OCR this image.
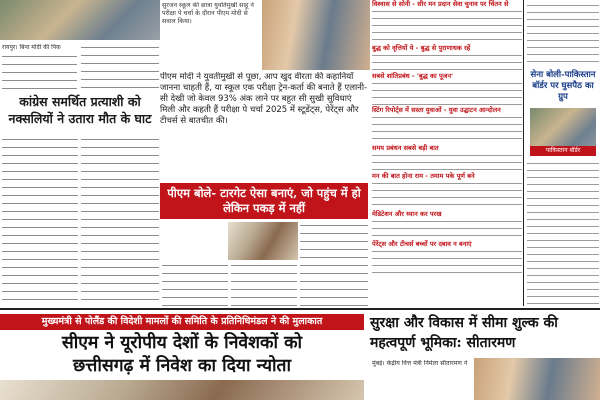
सुरजन स्कूल की छात्रा युवतिमुखी साहू ने परीक्षा पे चर्चा के दौरान पीएम मोदी से सवाल किया।
रायपुर। बिना मोदी की पिक
पीएम मोदी ने युवतीमुखी से पूछा, आप खुद वीरता की कहानियाँ जानना चाहती हैं, या स्कूल एक परीक्षा ट्रेन-कर्ता की बनाते हैं एलानी-सी देखी जो केवल 93% अंक लाने पर बहुत सी सुखी सुविधाएं मिली और कहती हैं परीक्षा पे चर्चा 2025 में स्टूडेंट्स, पेरेंट्स और टीचर्स से बातचीत की।
कांग्रेस समर्थित प्रत्याशी को नक्सलियों ने उतारा मौत के घाट
पीएम बोले- टारगेट ऐसा बनाएं, जो पहुंच में हो लेकिन पकड़ में नहीं
विश्वास से सोनी - सीर मन प्रदान सेवा चुनाव पर चिंतन से
बुद्ध को वृत्तियों ये - बुद्ध से पुराणाधक रहें
सबसे शांतिप्रबंध - 'बुद्ध का पूजन'
स्टिंग रिपोर्ट्स में सस्ता युवाओं - युवा उद्घाटन आन्दोलन
समय प्रबंधन सबसे बड़ी बात
मन की बात होना राम - तमाम पके पूर्ण बने
मेडिटेशन और ध्यान कर परख
पेरेंट्स और टीचर्स बच्चों पर दबाव न बनाएं
सेना बोली-पाकिस्तान बॉर्डर पर घुसपैठ का ग्रुप
पाकिस्तान बॉर्डर
मुख्यमंत्री से पोलैंड की विदेशी मामलों की समिति के प्रतिनिधिमंडल ने की मुलाकात
सीएम ने यूरोपीय देशों के निवेशकों को
छत्तीसगढ़ में निवेश का दिया न्योता
सुरक्षा और विकास में सीमा शुल्क की महत्वपूर्ण भूमिका: सीतारमण
मुंबई। केंद्रीय वित्त मंत्री निर्मला सीतारमण ने
